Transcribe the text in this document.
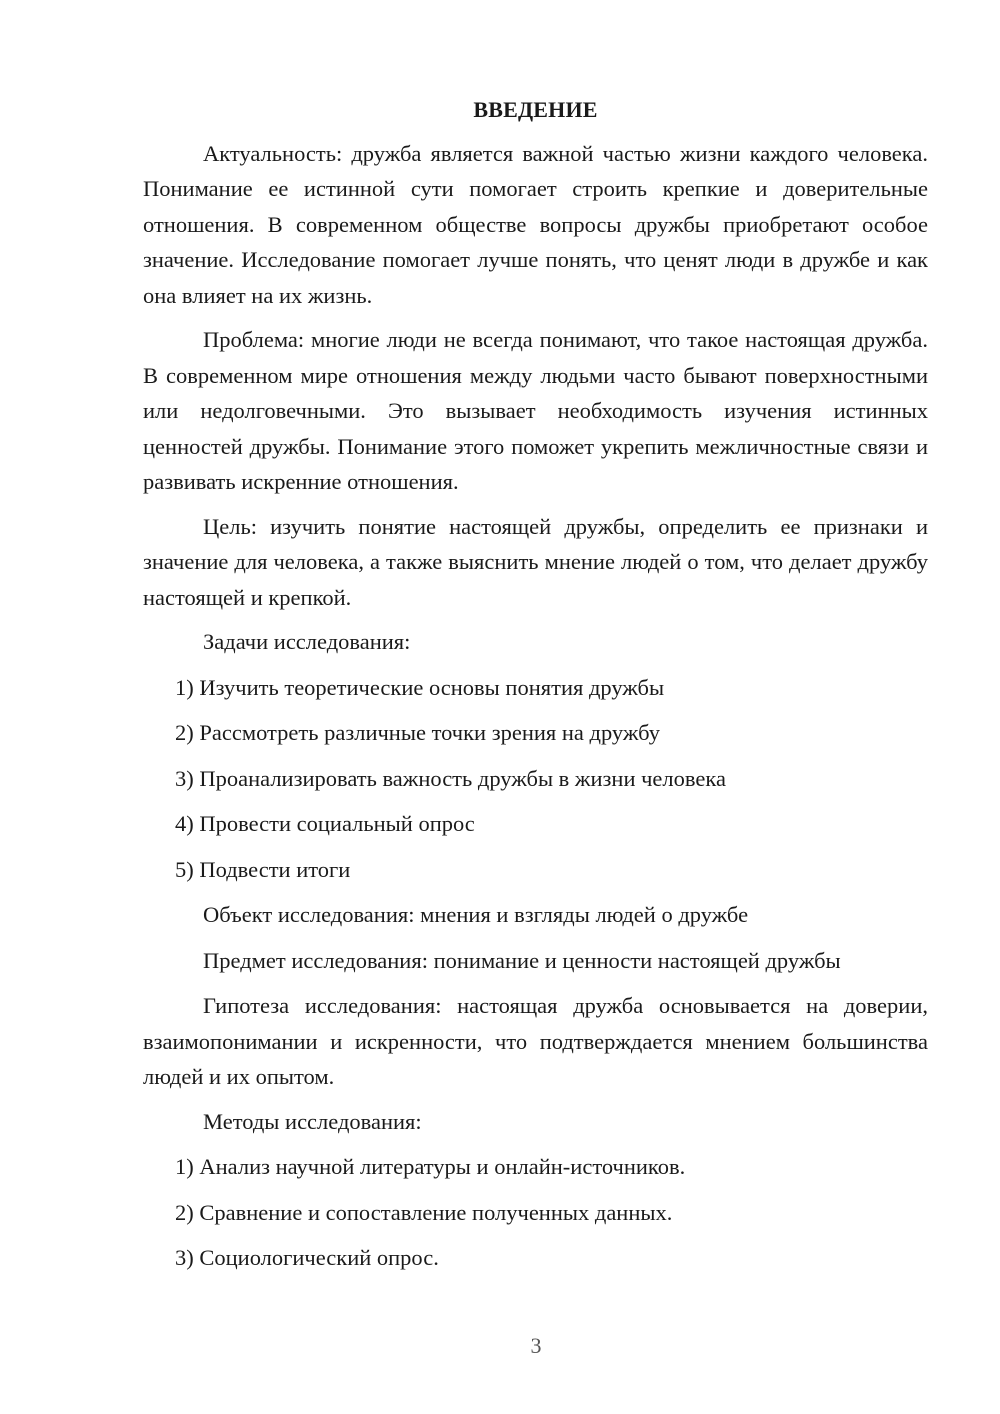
ВВЕДЕНИЕ

Актуальность: дружба является важной частью жизни каждого человека. Понимание ее истинной сути помогает строить крепкие и доверительные отношения. В современном обществе вопросы дружбы приобретают особое значение. Исследование помогает лучше понять, что ценят люди в дружбе и как она влияет на их жизнь.

Проблема: многие люди не всегда понимают, что такое настоящая дружба. В современном мире отношения между людьми часто бывают поверхностными или недолговечными. Это вызывает необходимость изучения истинных ценностей дружбы. Понимание этого поможет укрепить межличностные связи и развивать искренние отношения.

Цель: изучить понятие настоящей дружбы, определить ее признаки и значение для человека, а также выяснить мнение людей о том, что делает дружбу настоящей и крепкой.

Задачи исследования:
1) Изучить теоретические основы понятия дружбы
2) Рассмотреть различные точки зрения на дружбу
3) Проанализировать важность дружбы в жизни человека
4) Провести социальный опрос
5) Подвести итоги
Объект исследования: мнения и взгляды людей о дружбе
Предмет исследования: понимание и ценности настоящей дружбы

Гипотеза исследования: настоящая дружба основывается на доверии, взаимопонимании и искренности, что подтверждается мнением большинства людей и их опытом.

Методы исследования:
1) Анализ научной литературы и онлайн-источников.
2) Сравнение и сопоставление полученных данных.
3) Социологический опрос.
3
